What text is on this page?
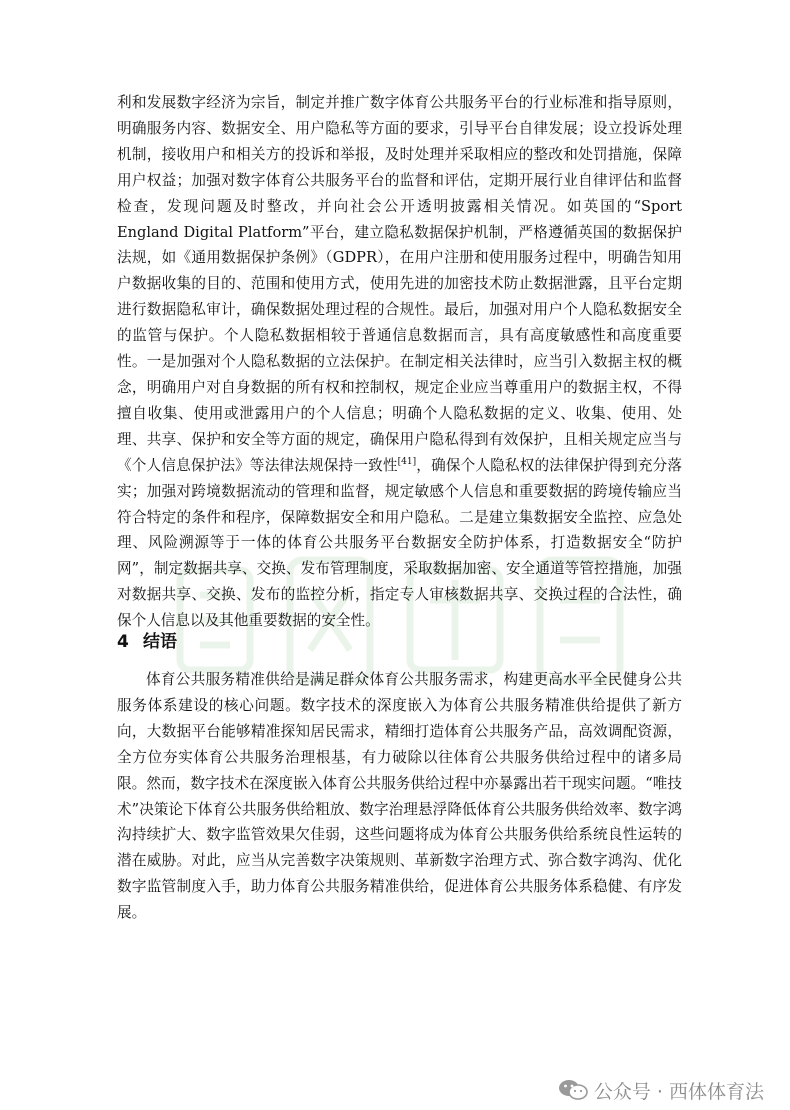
利和发展数字经济为宗旨，制定并推广数字体育公共服务平台的行业标准和指导原则，明确服务内容、数据安全、用户隐私等方面的要求，引导平台自律发展；设立投诉处理机制，接收用户和相关方的投诉和举报，及时处理并采取相应的整改和处罚措施，保障用户权益；加强对数字体育公共服务平台的监督和评估，定期开展行业自律评估和监督检查，发现问题及时整改，并向社会公开透明披露相关情况。如英国的“Sport England Digital Platform”平台，建立隐私数据保护机制，严格遵循英国的数据保护法规，如《通用数据保护条例》（GDPR），在用户注册和使用服务过程中，明确告知用户数据收集的目的、范围和使用方式，使用先进的加密技术防止数据泄露，且平台定期进行数据隐私审计，确保数据处理过程的合规性。最后，加强对用户个人隐私数据安全的监管与保护。个人隐私数据相较于普通信息数据而言，具有高度敏感性和高度重要性。一是加强对个人隐私数据的立法保护。在制定相关法律时，应当引入数据主权的概念，明确用户对自身数据的所有权和控制权，规定企业应当尊重用户的数据主权，不得擅自收集、使用或泄露用户的个人信息；明确个人隐私数据的定义、收集、使用、处理、共享、保护和安全等方面的规定，确保用户隐私得到有效保护，且相关规定应当与《个人信息保护法》等法律法规保持一致性[41]，确保个人隐私权的法律保护得到充分落实；加强对跨境数据流动的管理和监督，规定敏感个人信息和重要数据的跨境传输应当符合特定的条件和程序，保障数据安全和用户隐私。二是建立集数据安全监控、应急处理、风险溯源等于一体的体育公共服务平台数据安全防护体系，打造数据安全“防护网”，制定数据共享、交换、发布管理制度，采取数据加密、安全通道等管控措施，加强对数据共享、交换、发布的监控分析，指定专人审核数据共享、交换过程的合法性，确保个人信息以及其他重要数据的安全性。
4 结语
体育公共服务精准供给是满足群众体育公共服务需求，构建更高水平全民健身公共服务体系建设的核心问题。数字技术的深度嵌入为体育公共服务精准供给提供了新方向，大数据平台能够精准探知居民需求，精细打造体育公共服务产品，高效调配资源，全方位夯实体育公共服务治理根基，有力破除以往体育公共服务供给过程中的诸多局限。然而，数字技术在深度嵌入体育公共服务供给过程中亦暴露出若干现实问题。“唯技术”决策论下体育公共服务供给粗放、数字治理悬浮降低体育公共服务供给效率、数字鸿沟持续扩大、数字监管效果欠佳弱，这些问题将成为体育公共服务供给系统良性运转的潜在威胁。对此，应当从完善数字决策规则、革新数字治理方式、弥合数字鸿沟、优化数字监管制度入手，助力体育公共服务精准供给，促进体育公共服务体系稳健、有序发展。
公众号 · 西体体育法
